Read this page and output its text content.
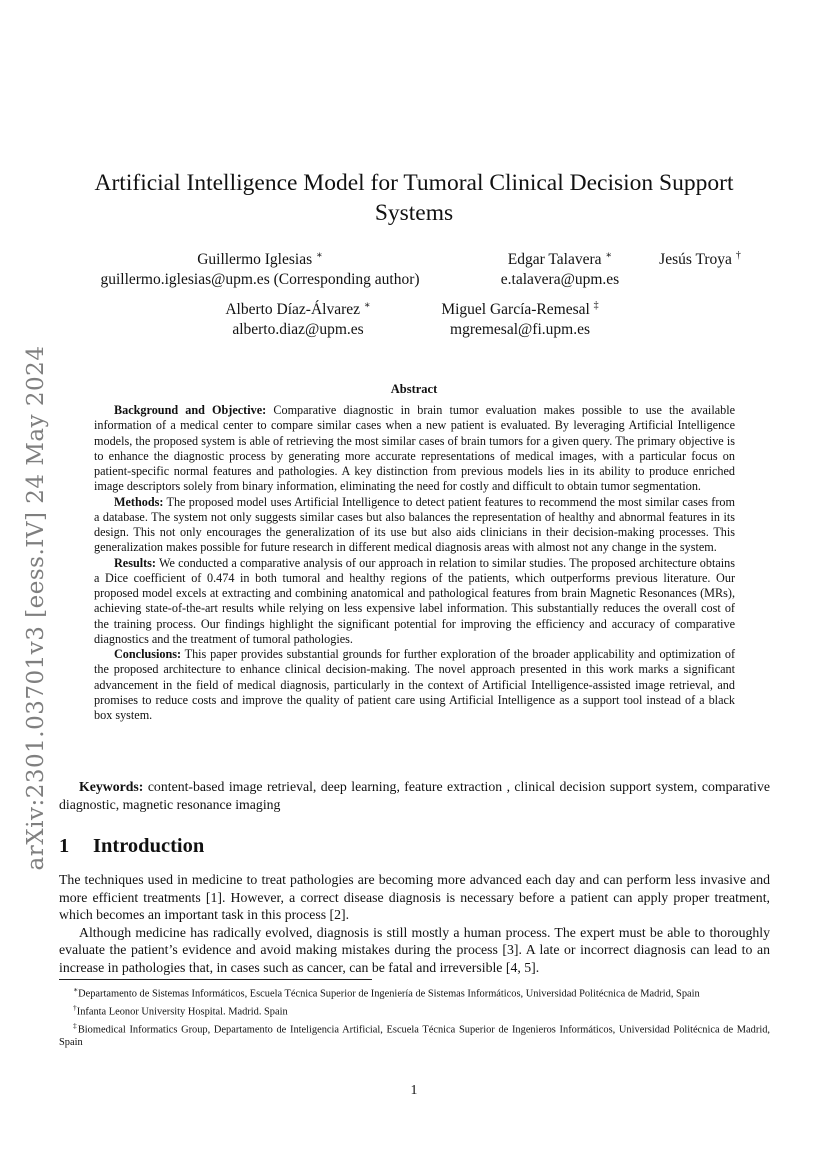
arXiv:2301.03701v3 [eess.IV] 24 May 2024
Artificial Intelligence Model for Tumoral Clinical Decision Support Systems
Guillermo Iglesias ∗
guillermo.iglesias@upm.es (Corresponding author)
Edgar Talavera ∗
e.talavera@upm.es
Jesús Troya †
Alberto Díaz-Álvarez ∗
alberto.diaz@upm.es
Miguel García-Remesal ‡
mgremesal@fi.upm.es
Abstract

Background and Objective: Comparative diagnostic in brain tumor evaluation makes possible to use the available information of a medical center to compare similar cases when a new patient is evaluated. By leveraging Artificial Intelligence models, the proposed system is able of retrieving the most similar cases of brain tumors for a given query. The primary objective is to enhance the diagnostic process by generating more accurate representations of medical images, with a particular focus on patient-specific normal features and pathologies. A key distinction from previous models lies in its ability to produce enriched image descriptors solely from binary information, eliminating the need for costly and difficult to obtain tumor segmentation.

Methods: The proposed model uses Artificial Intelligence to detect patient features to recommend the most similar cases from a database. The system not only suggests similar cases but also balances the representation of healthy and abnormal features in its design. This not only encourages the generalization of its use but also aids clinicians in their decision-making processes. This generalization makes possible for future research in different medical diagnosis areas with almost not any change in the system.

Results: We conducted a comparative analysis of our approach in relation to similar studies. The proposed architecture obtains a Dice coefficient of 0.474 in both tumoral and healthy regions of the patients, which outperforms previous literature. Our proposed model excels at extracting and combining anatomical and pathological features from brain Magnetic Resonances (MRs), achieving state-of-the-art results while relying on less expensive label information. This substantially reduces the overall cost of the training process. Our findings highlight the significant potential for improving the efficiency and accuracy of comparative diagnostics and the treatment of tumoral pathologies.

Conclusions: This paper provides substantial grounds for further exploration of the broader applicability and optimization of the proposed architecture to enhance clinical decision-making. The novel approach presented in this work marks a significant advancement in the field of medical diagnosis, particularly in the context of Artificial Intelligence-assisted image retrieval, and promises to reduce costs and improve the quality of patient care using Artificial Intelligence as a support tool instead of a black box system.

Keywords: content-based image retrieval, deep learning, feature extraction , clinical decision support system, comparative diagnostic, magnetic resonance imaging

1 Introduction

The techniques used in medicine to treat pathologies are becoming more advanced each day and can perform less invasive and more efficient treatments [1]. However, a correct disease diagnosis is necessary before a patient can apply proper treatment, which becomes an important task in this process [2].

Although medicine has radically evolved, diagnosis is still mostly a human process. The expert must be able to thoroughly evaluate the patient’s evidence and avoid making mistakes during the process [3]. A late or incorrect diagnosis can lead to an increase in pathologies that, in cases such as cancer, can be fatal and irreversible [4, 5].

∗Departamento de Sistemas Informáticos, Escuela Técnica Superior de Ingeniería de Sistemas Informáticos, Universidad Politécnica de Madrid, Spain

†Infanta Leonor University Hospital. Madrid. Spain

‡Biomedical Informatics Group, Departamento de Inteligencia Artificial, Escuela Técnica Superior de Ingenieros Informáticos, Universidad Politécnica de Madrid, Spain

1
